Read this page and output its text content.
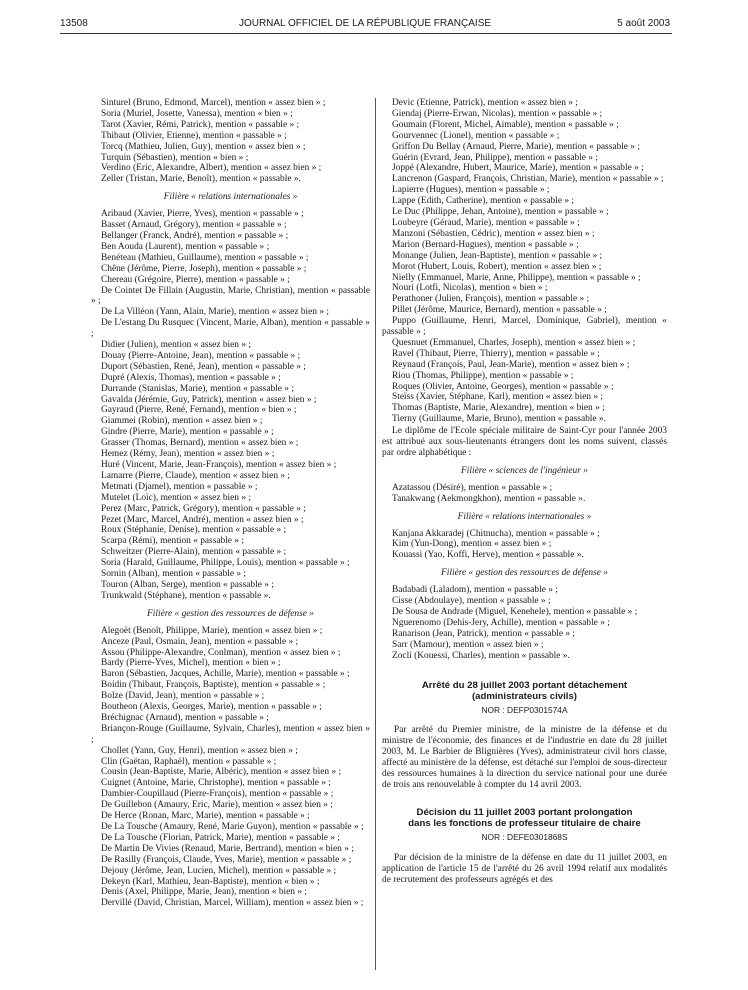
13508	JOURNAL OFFICIEL DE LA RÉPUBLIQUE FRANÇAISE	5 août 2003
Sinturel (Bruno, Edmond, Marcel), mention « assez bien » ;
Soria (Muriel, Josette, Vanessa), mention « bien » ;
Tarot (Xavier, Rémi, Patrick), mention « passable » ;
Thibaut (Olivier, Etienne), mention « passable » ;
Torcq (Mathieu, Julien, Guy), mention « assez bien » ;
Turquin (Sébastien), mention « bien » ;
Verdino (Eric, Alexandre, Albert), mention « assez bien » ;
Zeller (Tristan, Marie, Benoît), mention « passable ».
Filière « relations internationales »
Aribaud (Xavier, Pierre, Yves), mention « passable » ;
Basset (Arnaud, Grégory), mention « passable » ;
Bellanger (Franck, André), mention « passable » ;
Ben Aouda (Laurent), mention « passable » ;
Benéteau (Mathieu, Guillaume), mention « passable » ;
Chêne (Jérôme, Pierre, Joseph), mention « passable » ;
Chereau (Grégoire, Pierre), mention « passable » ;
De Cointet De Fillain (Augustin, Marie, Christian), mention « passable » ;
De La Villéon (Yann, Alain, Marie), mention « assez bien » ;
De L'estang Du Rusquec (Vincent, Marie, Alban), mention « passable » ;
Didier (Julien), mention « assez bien » ;
Douay (Pierre-Antoine, Jean), mention « passable » ;
Duport (Sébastien, René, Jean), mention « passable » ;
Dupré (Alexis, Thomas), mention « passable » ;
Durrande (Stanislas, Marie), mention « passable » ;
Gavalda (Jérémie, Guy, Patrick), mention « assez bien » ;
Gayraud (Pierre, René, Fernand), mention « bien » ;
Giammei (Robin), mention « assez bien » ;
Gindre (Pierre, Marie), mention « passable » ;
Grasser (Thomas, Bernard), mention « assez bien » ;
Hemez (Rémy, Jean), mention « assez bien » ;
Huré (Vincent, Marie, Jean-François), mention « assez bien » ;
Lamarre (Pierre, Claude), mention « assez bien » ;
Metmati (Djamel), mention « passable » ;
Mutelet (Loïc), mention « assez bien » ;
Perez (Marc, Patrick, Grégory), mention « passable » ;
Pezet (Marc, Marcel, André), mention « assez bien » ;
Roux (Stéphanie, Denise), mention « passable » ;
Scarpa (Rémi), mention « passable » ;
Schweitzer (Pierre-Alain), mention « passable » ;
Soria (Harald, Guillaume, Philippe, Louis), mention « passable » ;
Sornin (Alban), mention « passable » ;
Touron (Alban, Serge), mention « passable » ;
Trunkwald (Stéphane), mention « passable ».
Filière « gestion des ressources de défense »
Alegoët (Benoît, Philippe, Marie), mention « assez bien » ;
Anceze (Paul, Osmain, Jean), mention « passable » ;
Assou (Philippe-Alexandre, Conlman), mention « assez bien » ;
Bardy (Pierre-Yves, Michel), mention « bien » ;
Baron (Sébastien, Jacques, Achille, Marie), mention « passable » ;
Boidin (Thibaut, François, Baptiste), mention « passable » ;
Bolze (David, Jean), mention « passable » ;
Boutheon (Alexis, Georges, Marie), mention « passable » ;
Bréchignac (Arnaud), mention « passable » ;
Briançon-Rouge (Guillaume, Sylvain, Charles), mention « assez bien » ;
Chollet (Yann, Guy, Henri), mention « assez bien » ;
Clin (Gaëtan, Raphaël), mention « passable » ;
Cousin (Jean-Baptiste, Marie, Albéric), mention « assez bien » ;
Cuignet (Antoine, Marie, Christophe), mention « passable » ;
Dambier-Coupillaud (Pierre-François), mention « passable » ;
De Guillebon (Amaury, Eric, Marie), mention « assez bien » ;
De Herce (Ronan, Marc, Marie), mention « passable » ;
De La Tousche (Amaury, René, Marie Guyon), mention « passable » ;
De La Tousche (Florian, Patrick, Marie), mention « passable » ;
De Martin De Vivies (Renaud, Marie, Bertrand), mention « bien » ;
De Rasilly (François, Claude, Yves, Marie), mention « passable » ;
Dejouy (Jérôme, Jean, Lucien, Michel), mention « passable » ;
Dekeyn (Karl, Mathieu, Jean-Baptiste), mention « bien » ;
Denis (Axel, Philippe, Marie, Jean), mention « bien » ;
Dervillé (David, Christian, Marcel, William), mention « assez bien » ;
Devic (Etienne, Patrick), mention « assez bien » ;
Giendaj (Pierre-Erwan, Nicolas), mention « passable » ;
Goumain (Florent, Michel, Aimable), mention « passable » ;
Gourvennec (Lionel), mention « passable » ;
Griffon Du Bellay (Arnaud, Pierre, Marie), mention « passable » ;
Guérin (Evrard, Jean, Philippe), mention « passable » ;
Joppé (Alexandre, Hubert, Maurice, Marie), mention « passable » ;
Lancrenon (Gaspard, François, Christian, Marie), mention « passable » ;
Lapierre (Hugues), mention « passable » ;
Lappe (Edith, Catherine), mention « passable » ;
Le Duc (Philippe, Jehan, Antoine), mention « passable » ;
Loubeyre (Géraud, Marie), mention « passable » ;
Manzoni (Sébastien, Cédric), mention « assez bien » ;
Marion (Bernard-Hugues), mention « passable » ;
Monange (Julien, Jean-Baptiste), mention « passable » ;
Morot (Hubert, Louis, Robert), mention « assez bien » ;
Nielly (Emmanuel, Marie, Anne, Philippe), mention « passable » ;
Nouri (Lotfi, Nicolas), mention « bien » ;
Perathoner (Julien, François), mention « passable » ;
Pillet (Jérôme, Maurice, Bernard), mention « passable » ;
Puppo (Guillaume, Henri, Marcel, Dominique, Gabriel), mention « passable » ;
Quesnuet (Emmanuel, Charles, Joseph), mention « assez bien » ;
Ravel (Thibaut, Pierre, Thierry), mention « passable » ;
Reynaud (François, Paul, Jean-Marie), mention « assez bien » ;
Riou (Thomas, Philippe), mention « passable » ;
Roques (Olivier, Antoine, Georges), mention « passable » ;
Steïss (Xavier, Stéphane, Karl), mention « assez bien » ;
Thomas (Baptiste, Marie, Alexandre), mention « bien » ;
Tierny (Guillaume, Marie, Bruno), mention « passable ».
Le diplôme de l'Ecole spéciale militaire de Saint-Cyr pour l'année 2003 est attribué aux sous-lieutenants étrangers dont les noms suivent, classés par ordre alphabétique :
Filière « sciences de l'ingénieur »
Azatassou (Désiré), mention « passable » ;
Tanakwang (Aekmongkhon), mention « passable ».
Filière « relations internationales »
Kanjana Akkaradej (Chitnucha), mention « passable » ;
Kim (Yun-Dong), mention « assez bien » ;
Kouassi (Yao, Koffi, Herve), mention « passable ».
Filière « gestion des ressources de défense »
Badabadi (Laladom), mention « passable » ;
Cisse (Abdoulaye), mention « passable » ;
De Sousa de Andrade (Miguel, Kenehele), mention « passable » ;
Nguerenomo (Dehis-Jery, Achille), mention « passable » ;
Ranarison (Jean, Patrick), mention « passable » ;
Sarr (Mamour), mention « assez bien » ;
Zocli (Kouessi, Charles), mention « passable ».
Arrêté du 28 juillet 2003 portant détachement
(administrateurs civils)
NOR : DEFP0301574A
Par arrêté du Premier ministre, de la ministre de la défense et du ministre de l'économie, des finances et de l'industrie en date du 28 juillet 2003, M. Le Barbier de Blignières (Yves), administrateur civil hors classe, affecté au ministère de la défense, est détaché sur l'emploi de sous-directeur des ressources humaines à la direction du service national pour une durée de trois ans renouvelable à compter du 14 avril 2003.
Décision du 11 juillet 2003 portant prolongation
dans les fonctions de professeur titulaire de chaire
NOR : DEFE0301868S
Par décision de la ministre de la défense en date du 11 juillet 2003, en application de l'article 15 de l'arrêté du 26 avril 1994 relatif aux modalités de recrutement des professeurs agrégés et des
